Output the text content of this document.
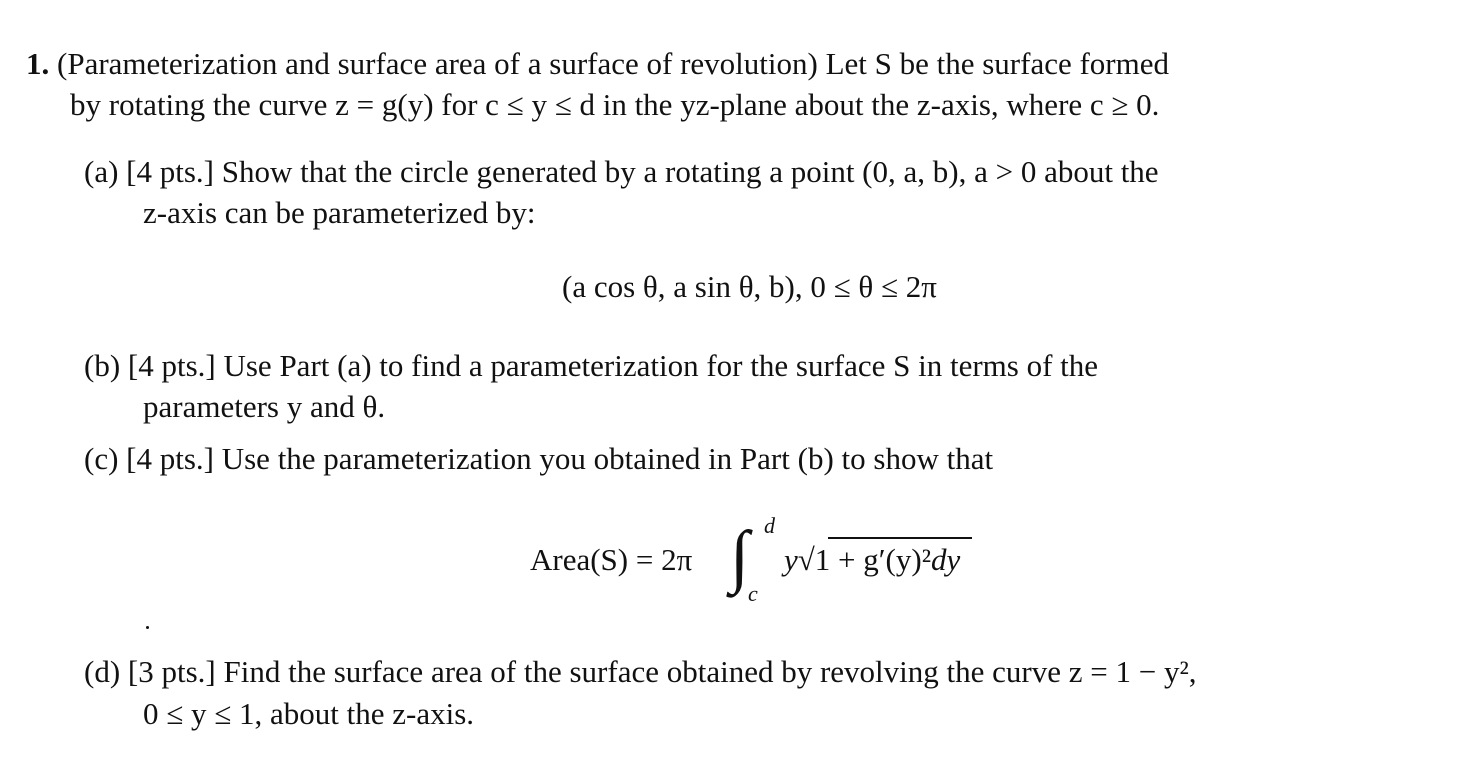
1. (Parameterization and surface area of a surface of revolution) Let S be the surface formed
by rotating the curve z = g(y) for c ≤ y ≤ d in the yz-plane about the z-axis, where c ≥ 0.
(a) [4 pts.] Show that the circle generated by a rotating a point (0, a, b), a > 0 about the
z-axis can be parameterized by:
(a cos θ, a sin θ, b), 0 ≤ θ ≤ 2π
(b) [4 pts.] Use Part (a) to find a parameterization for the surface S in terms of the
parameters y and θ.
(c) [4 pts.] Use the parameterization you obtained in Part (b) to show that
Area(S) = 2π ∫ d
c
y√1 + g′(y)²dy
(d) [3 pts.] Find the surface area of the surface obtained by revolving the curve z = 1 − y²,
0 ≤ y ≤ 1, about the z-axis.
